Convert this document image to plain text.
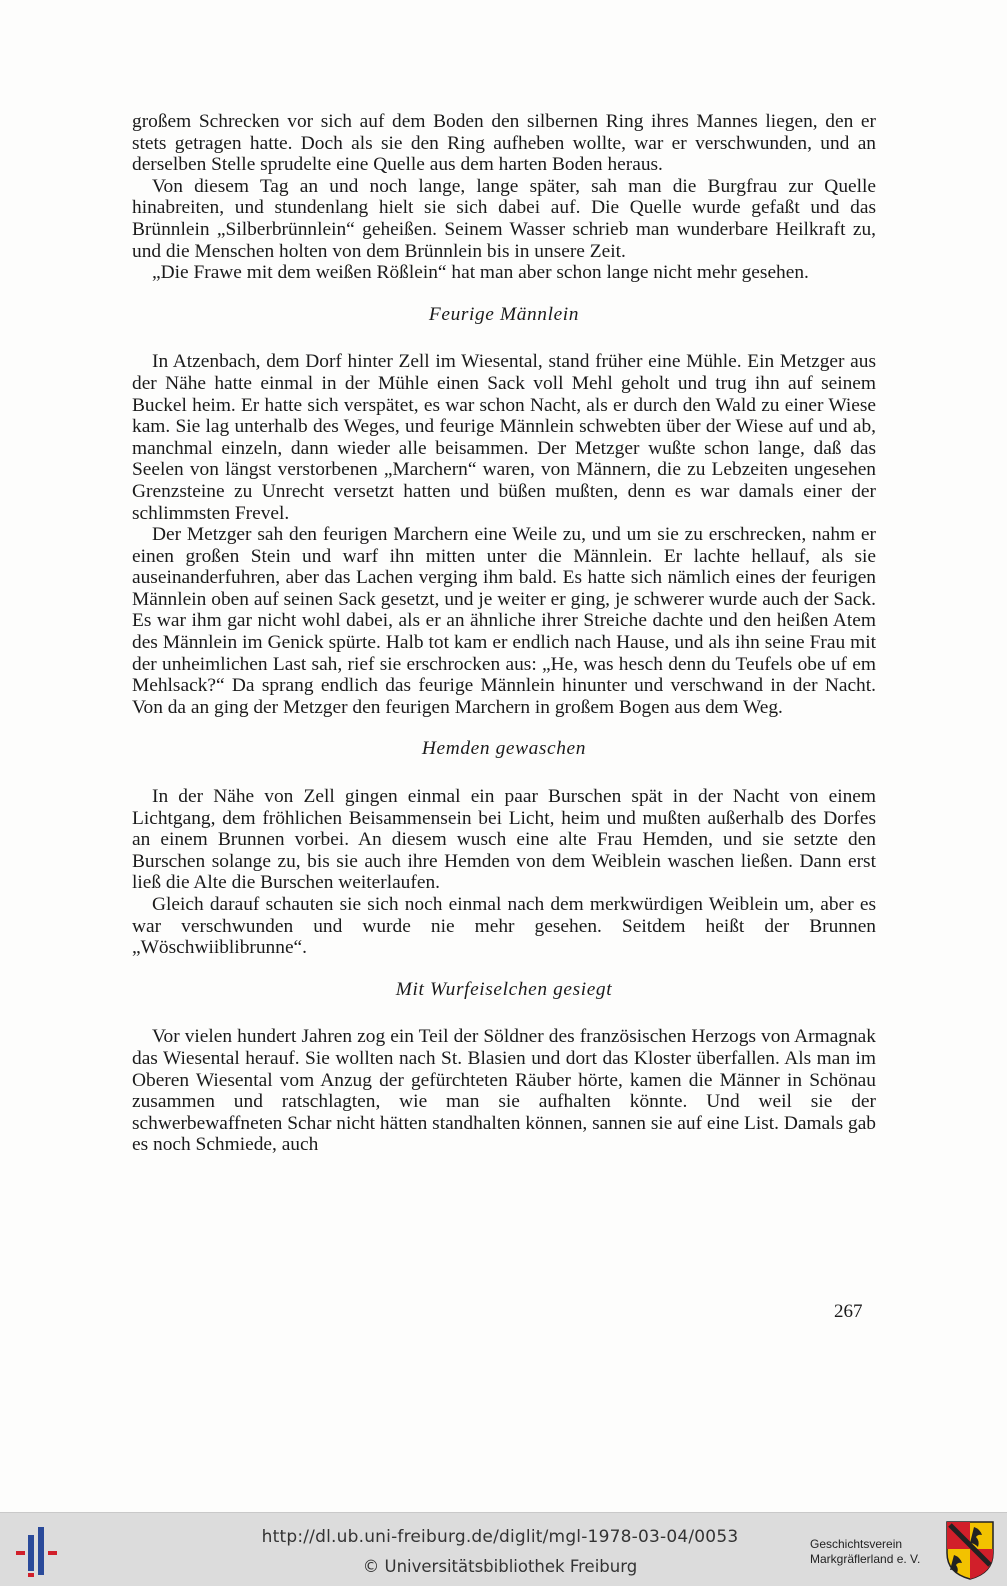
großem Schrecken vor sich auf dem Boden den silbernen Ring ihres Mannes liegen, den er stets getragen hatte. Doch als sie den Ring aufheben wollte, war er verschwunden, und an derselben Stelle sprudelte eine Quelle aus dem harten Boden heraus.

Von diesem Tag an und noch lange, lange später, sah man die Burgfrau zur Quelle hinabreiten, und stundenlang hielt sie sich dabei auf. Die Quelle wurde gefaßt und das Brünnlein „Silberbrünnlein“ geheißen. Seinem Wasser schrieb man wunderbare Heilkraft zu, und die Menschen holten von dem Brünnlein bis in unsere Zeit.

„Die Frawe mit dem weißen Rößlein“ hat man aber schon lange nicht mehr gesehen.

Feurige Männlein

In Atzenbach, dem Dorf hinter Zell im Wiesental, stand früher eine Mühle. Ein Metzger aus der Nähe hatte einmal in der Mühle einen Sack voll Mehl geholt und trug ihn auf seinem Buckel heim. Er hatte sich verspätet, es war schon Nacht, als er durch den Wald zu einer Wiese kam. Sie lag unterhalb des Weges, und feurige Männlein schwebten über der Wiese auf und ab, manchmal einzeln, dann wieder alle beisammen. Der Metzger wußte schon lange, daß das Seelen von längst verstorbenen „Marchern“ waren, von Männern, die zu Lebzeiten ungesehen Grenzsteine zu Unrecht versetzt hatten und büßen mußten, denn es war damals einer der schlimmsten Frevel.

Der Metzger sah den feurigen Marchern eine Weile zu, und um sie zu erschrecken, nahm er einen großen Stein und warf ihn mitten unter die Männlein. Er lachte hellauf, als sie auseinanderfuhren, aber das Lachen verging ihm bald. Es hatte sich nämlich eines der feurigen Männlein oben auf seinen Sack gesetzt, und je weiter er ging, je schwerer wurde auch der Sack. Es war ihm gar nicht wohl dabei, als er an ähnliche ihrer Streiche dachte und den heißen Atem des Männlein im Genick spürte. Halb tot kam er endlich nach Hause, und als ihn seine Frau mit der unheimlichen Last sah, rief sie erschrocken aus: „He, was hesch denn du Teufels obe uf em Mehlsack?“ Da sprang endlich das feurige Männlein hinunter und verschwand in der Nacht. Von da an ging der Metzger den feurigen Marchern in großem Bogen aus dem Weg.

Hemden gewaschen

In der Nähe von Zell gingen einmal ein paar Burschen spät in der Nacht von einem Lichtgang, dem fröhlichen Beisammensein bei Licht, heim und mußten außerhalb des Dorfes an einem Brunnen vorbei. An diesem wusch eine alte Frau Hemden, und sie setzte den Burschen solange zu, bis sie auch ihre Hemden von dem Weiblein waschen ließen. Dann erst ließ die Alte die Burschen weiterlaufen.

Gleich darauf schauten sie sich noch einmal nach dem merkwürdigen Weiblein um, aber es war verschwunden und wurde nie mehr gesehen. Seitdem heißt der Brunnen „Wöschwiiblibrunne“.

Mit Wurfeiselchen gesiegt

Vor vielen hundert Jahren zog ein Teil der Söldner des französischen Herzogs von Armagnak das Wiesental herauf. Sie wollten nach St. Blasien und dort das Kloster überfallen. Als man im Oberen Wiesental vom Anzug der gefürchteten Räuber hörte, kamen die Männer in Schönau zusammen und ratschlagten, wie man sie aufhalten könnte. Und weil sie der schwerbewaffneten Schar nicht hätten standhalten können, sannen sie auf eine List. Damals gab es noch Schmiede, auch

267
http://dl.ub.uni-freiburg.de/diglit/mgl-1978-03-04/0053
© Universitätsbibliothek Freiburg
Geschichtsverein
Markgräflerland e. V.
